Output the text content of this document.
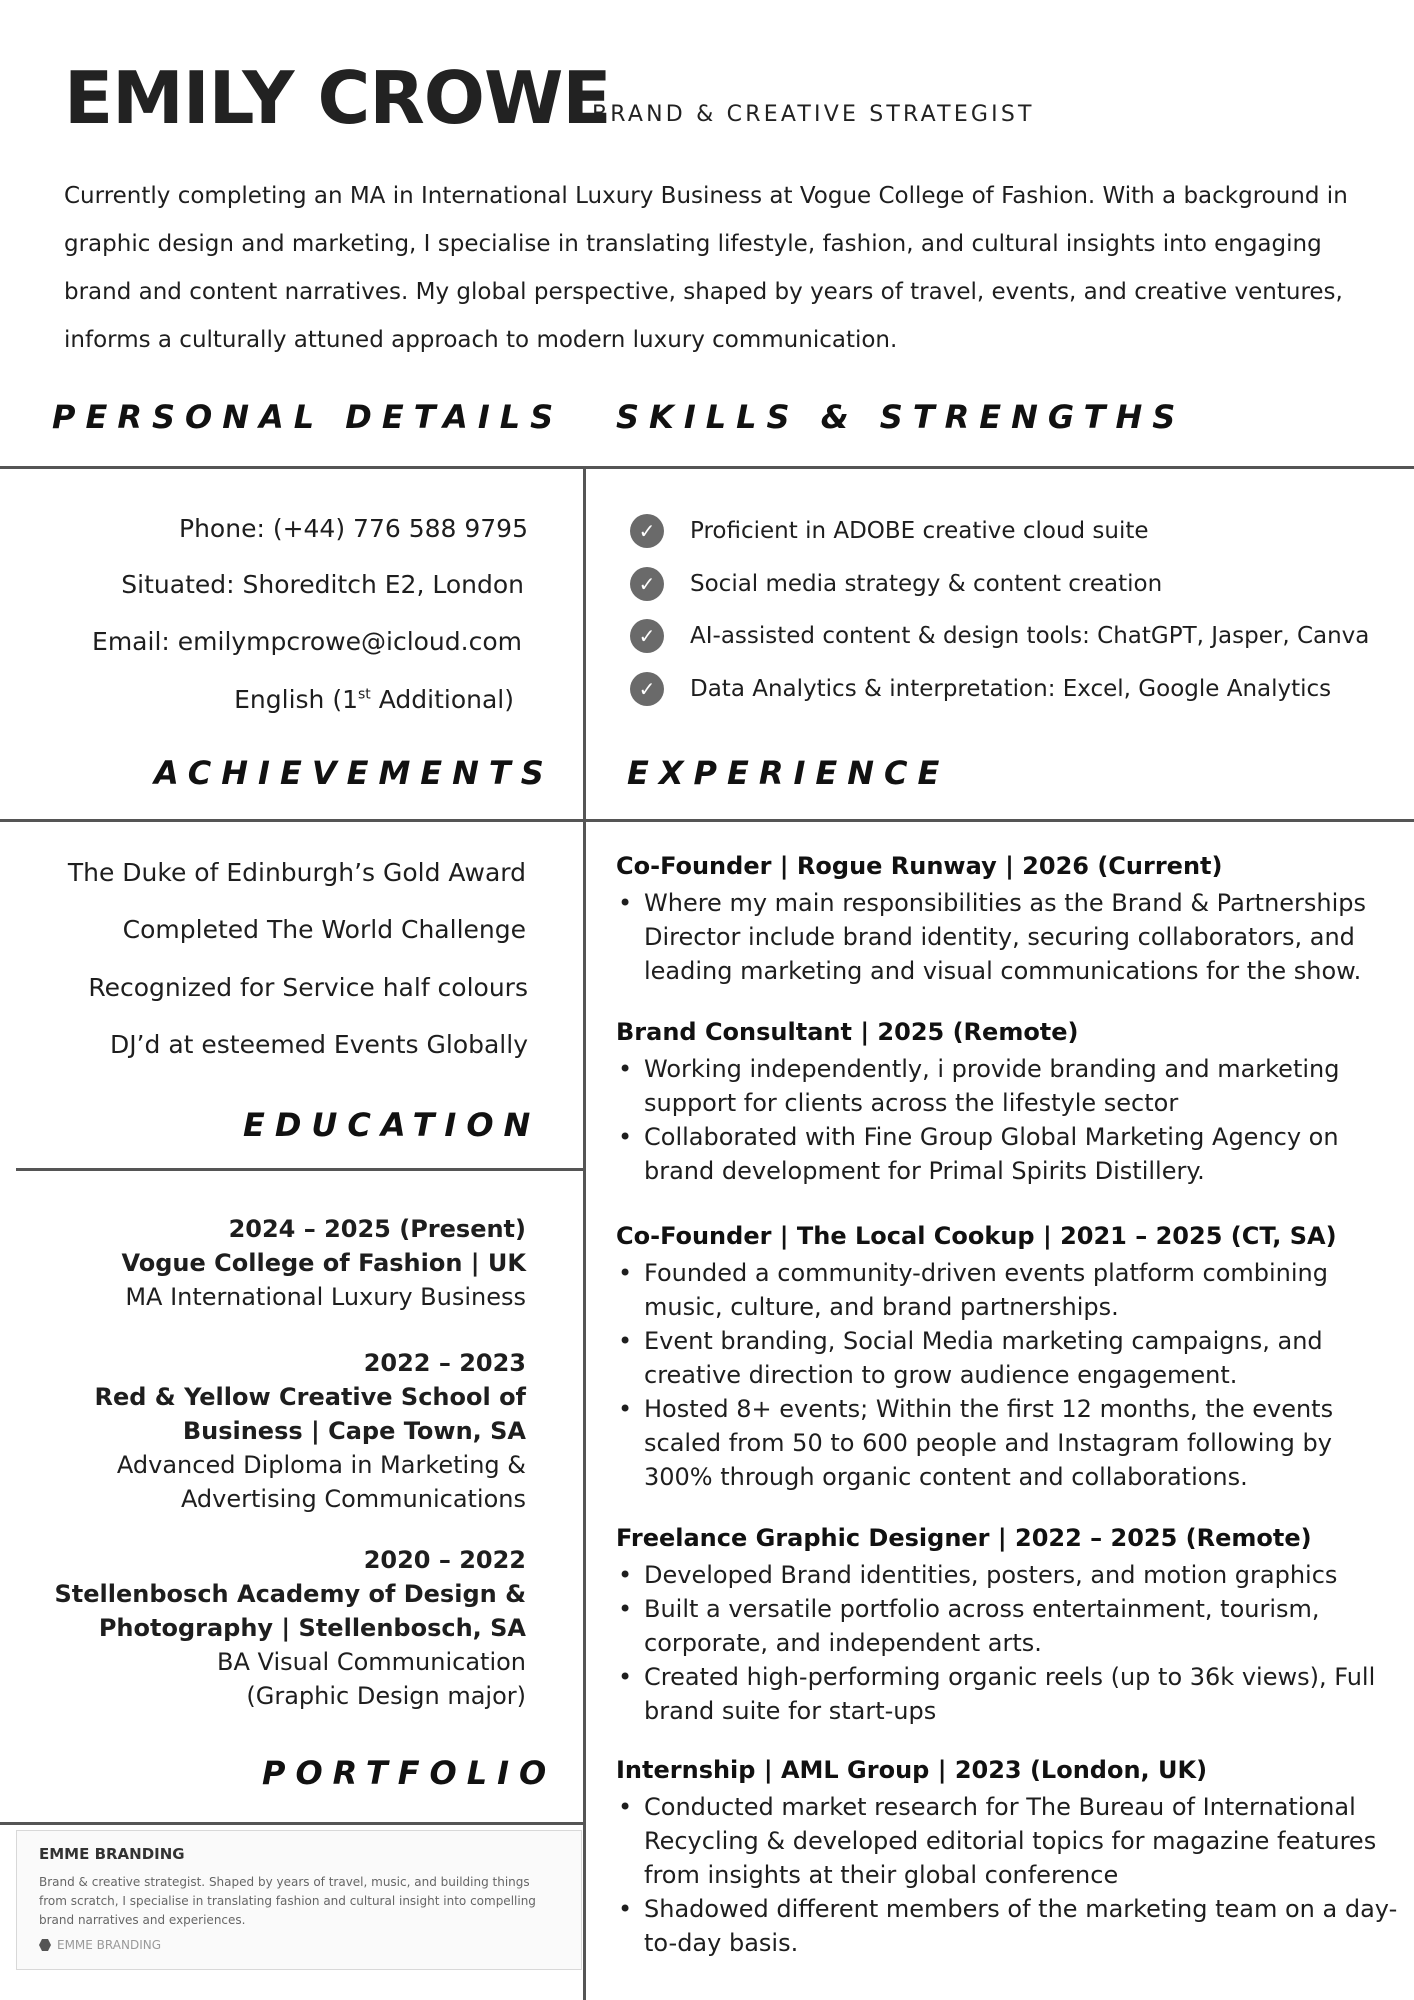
EMILY CROWE
BRAND & CREATIVE STRATEGIST

Currently completing an MA in International Luxury Business at Vogue College of Fashion. With a background in graphic design and marketing, I specialise in translating lifestyle, fashion, and cultural insights into engaging brand and content narratives. My global perspective, shaped by years of travel, events, and creative ventures, informs a culturally attuned approach to modern luxury communication.

PERSONAL DETAILS SKILLS & STRENGTHS
ACHIEVEMENTS EXPERIENCE
EDUCATION
PORTFOLIO
Phone: (+44) 776 588 9795
Situated: Shoreditch E2, London
Email: emilympcrowe@icloud.com
English (1st Additional)
✓	Proficient in ADOBE creative cloud suite
✓	Social media strategy & content creation
✓	AI-assisted content & design tools: ChatGPT, Jasper, Canva
✓	Data Analytics & interpretation: Excel, Google Analytics
The Duke of Edinburgh’s Gold Award
Completed The World Challenge
Recognized for Service half colours
DJ’d at esteemed Events Globally
2024 – 2025 (Present)
Vogue College of Fashion | UK
MA International Luxury Business
2022 – 2023
Red & Yellow Creative School of
Business | Cape Town, SA
Advanced Diploma in Marketing &
Advertising Communications
2020 – 2022
Stellenbosch Academy of Design &
Photography | Stellenbosch, SA
BA Visual Communication
(Graphic Design major)
Co-Founder | Rogue Runway | 2026 (Current)
• Where my main responsibilities as the Brand & Partnerships Director include brand identity, securing collaborators, and leading marketing and visual communications for the show.
Brand Consultant | 2025 (Remote)
• Working independently, i provide branding and marketing support for clients across the lifestyle sector
• Collaborated with Fine Group Global Marketing Agency on brand development for Primal Spirits Distillery.
Co-Founder | The Local Cookup | 2021 – 2025 (CT, SA)
• Founded a community-driven events platform combining music, culture, and brand partnerships.
• Event branding, Social Media marketing campaigns, and creative direction to grow audience engagement.
• Hosted 8+ events; Within the first 12 months, the events scaled from 50 to 600 people and Instagram following by 300% through organic content and collaborations.
Freelance Graphic Designer | 2022 – 2025 (Remote)
• Developed Brand identities, posters, and motion graphics
• Built a versatile portfolio across entertainment, tourism, corporate, and independent arts.
• Created high-performing organic reels (up to 36k views), Full brand suite for start-ups
Internship | AML Group | 2023 (London, UK)
• Conducted market research for The Bureau of International Recycling & developed editorial topics for magazine features from insights at their global conference
• Shadowed different members of the marketing team on a day-to-day basis.
EMME BRANDING
Brand & creative strategist. Shaped by years of travel, music, and building things from scratch, I specialise in translating fashion and cultural insight into compelling brand narratives and experiences.
EMME BRANDING
